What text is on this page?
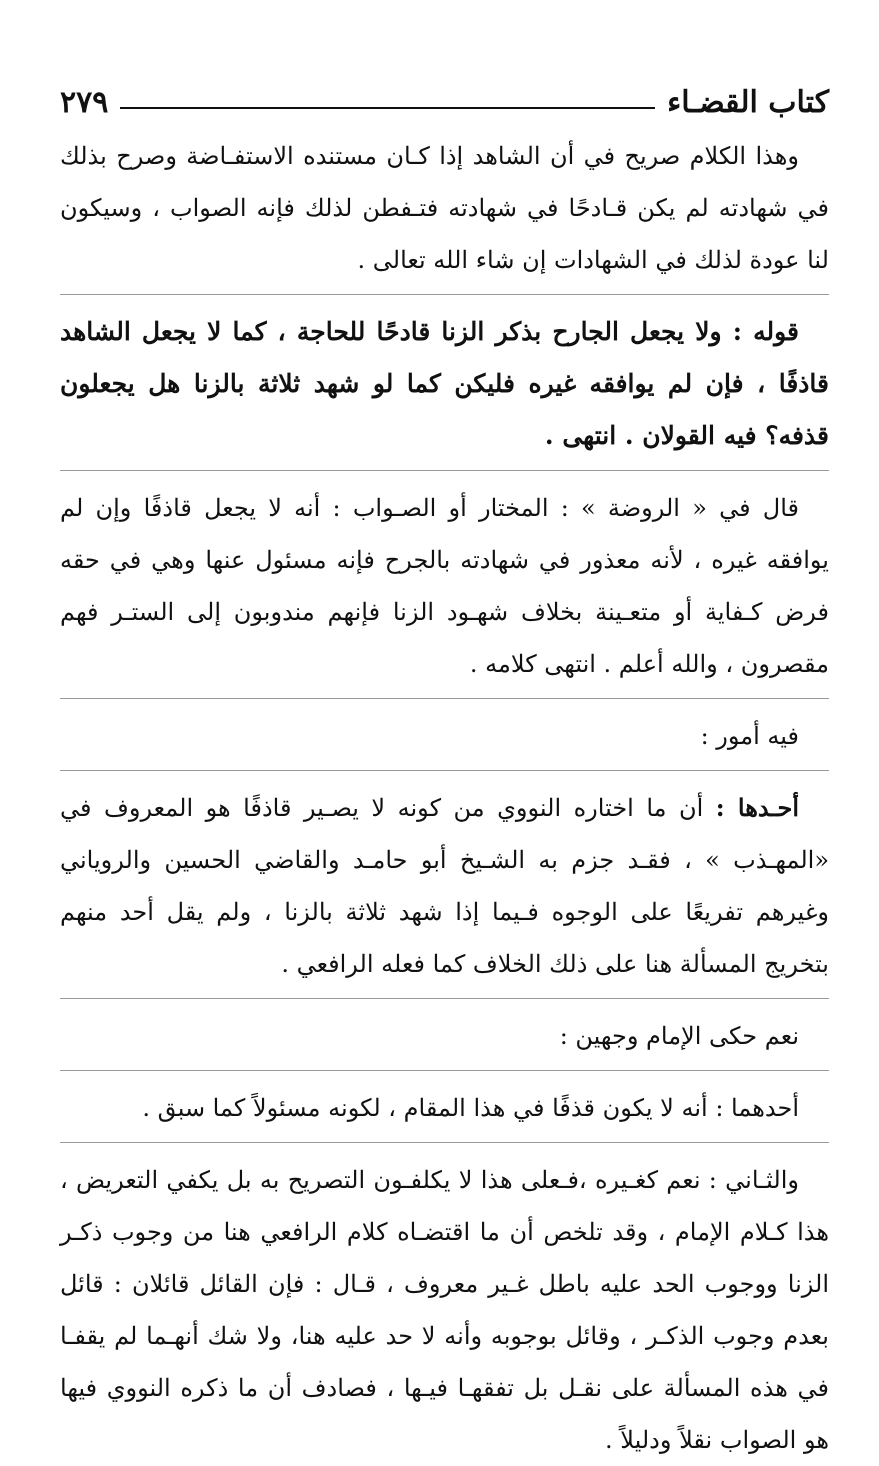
كتاب القضـاء
٢٧٩

وهذا الكلام صريح في أن الشاهد إذا كـان مستنده الاستفـاضة وصرح بذلك في شهادته لم يكن قـادحًا في شهادته فتـفطن لذلك فإنه الصواب ، وسيكون لنا عودة لذلك في الشهادات إن شاء الله تعالى .

قوله : ولا يجعل الجارح بذكر الزنا قادحًا للحاجة ، كما لا يجعل الشاهد قاذفًا ، فإن لم يوافقه غيره فليكن كما لو شهد ثلاثة بالزنا هل يجعلون قذفه؟ فيه القولان . انتهى .

قال في « الروضة » : المختار أو الصـواب : أنه لا يجعل قاذفًا وإن لم يوافقه غيره ، لأنه معذور في شهادته بالجرح فإنه مسئول عنها وهي في حقه فرض كـفاية أو متعـينة بخلاف شهـود الزنا فإنهم مندوبون إلى الستـر فهم مقصرون ، والله أعلم . انتهى كلامه .

فيه أمور :

أحـدها : أن ما اختاره النووي من كونه لا يصـير قاذفًا هو المعروف في «المهـذب » ، فقـد جزم به الشـيخ أبو حامـد والقاضي الحسين والروياني وغيرهم تفريعًا على الوجوه فـيما إذا شهد ثلاثة بالزنا ، ولم يقل أحد منهم بتخريج المسألة هنا على ذلك الخلاف كما فعله الرافعي .

نعم حكى الإمام وجهين :

أحدهما : أنه لا يكون قذفًا في هذا المقام ، لكونه مسئولاً كما سبق .

والثـاني : نعم كغـيره ،فـعلى هذا لا يكلفـون التصريح به بل يكفي التعريض ، هذا كـلام الإمام ، وقد تلخص أن ما اقتضـاه كلام الرافعي هنا من وجوب ذكـر الزنا ووجوب الحد عليه باطل غـير معروف ، قـال : فإن القائل قائلان : قائل بعدم وجوب الذكـر ، وقائل بوجوبه وأنه لا حد عليه هنا، ولا شك أنهـما لم يقفـا في هذه المسألة على نقـل بل تفقهـا فيـها ، فصادف أن ما ذكره النووي فيها هو الصواب نقلاً ودليلاً .
